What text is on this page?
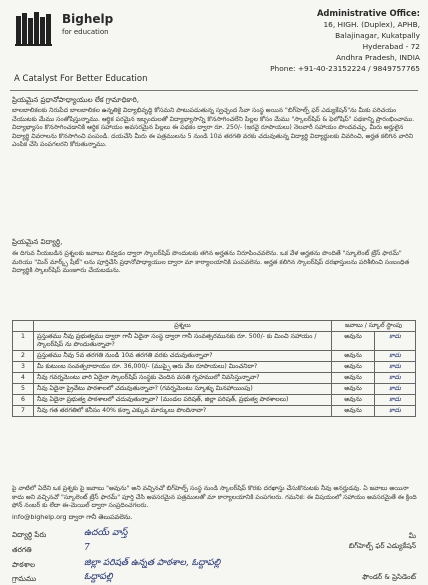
Bighelp
for education
A Catalyst For Better Education
Administrative Office:
16, HIGH. (Duplex), APHB,
Balajinagar, Kukatpally
Hyderabad - 72
Andhra Pradesh, INDIA
Phone: +91-40-23152224 / 9849757765
ప్రియమైన ప్రధానోపాధ్యాయుల లేక గ్రామాధికారి,
బాలబాలికలకు నిరుపేద బాలబాలికల ఉన్నతికై విద్యాభివృద్ధి కోసమని పాటుపడుతున్న స్వచ్ఛంద సేవా సంస్థ అయిన "బిగ్‌హెల్ప్ ఫర్ ఎడ్యుకేషన్"ను మీకు పరిచయం చేయుటకు మేము సంతోషిస్తున్నాము. ఆర్థిక పరమైన ఇబ్బందులతో విద్యాభ్యాసాన్ని కొనసాగించలేని పిల్లల కోసం మేము "స్కాలర్‌షిప్ & ఫెలోషిప్" పథకాన్ని ప్రారంభించాము. విద్యాభ్యాసం కొనసాగించడానికి ఆర్థిక సహాయం అవసరమైన పిల్లలు ఈ పథకం ద్వారా రూ. 250/- (ఇరవై రూపాయలు) నెలవారీ సహాయం పొందవచ్చు. మీరు అర్హులైన విద్యార్థి వివరాలను కొనసాగించి పంపండి. దయచేసి మీరు ఈ పత్రములను 5 నుండి 10వ తరగతి వరకు చదువుతున్న విద్యార్థి విద్యార్థులకు వివరించి, అర్హత కలిగిన వారిని ఎంపిక చేసి పంపగలరని కోరుతున్నాము.
ప్రియమైన విద్యార్థి,
ఈ దిగువ నీయబడిన ప్రశ్నలకు జవాబు లివ్వడం ద్వారా స్కాలర్‌షిప్ పొందుటకు తగిన అర్హతను నిరూపించవలెను. ఒక వేళ అర్హతను పొందితే "స్కూలెంట్ ట్రేస్ ఫారమ్" మరియు "మిన్ మార్క్స్ షీట్" లను పూర్తిచేసి ప్రధానోపాధ్యాయుల ద్వారా మా కార్యాలయానికి పంపవలెను. అర్హత కలిగిన స్కాలర్‌షిప్ దరఖాస్తులను పరిశీలించి సంబంధిత విద్యార్థికి స్కాలర్‌షిప్ మంజూరు చేయబడును.
	ప్రశ్నలు	జవాబు / స్కూల్ స్టాంపు	
1	ప్రస్తుతము నీవు ప్రభుత్వము ద్వారా గానీ ఏదైనా సంస్థ ద్వారా గానీ సంవత్సరమునకు రూ. 500/- కు మించి సహాయం / స్కాలర్‌షిప్ ను పొందుతున్నావా?	అవును	కాదు
2	ప్రస్తుతము నీవు 5వ తరగతి నుండి 10వ తరగతి వరకు చదువుతున్నావా?	అవును	కాదు
3	మీ కుటుంబ సంవత్సరాదాయం రూ. 36,000/- (ముప్పై ఆరు వేల రూపాయలు) మించనిదా?	అవును	కాదు
4	నీవు గవర్నమెంటు వారి ఏదైనా స్కాలర్‌షిప్ సంస్థకు చెందిన వసతి గృహములో నివసిస్తున్నావా?	అవును	కాదు
5	నీవు ఏదైనా ప్రైవేటు పాఠశాలలో చదువుతున్నావా? (గవర్నమెంటు స్కూళ్ళు మినహాయింపు)	అవును	కాదు
6	నీవు ఏదైనా ప్రభుత్వ పాఠశాలలో చదువుతున్నావా? (మండల పరిషత్, జిల్లా పరిషత్, ప్రభుత్వ పాఠశాలలు)	అవును	కాదు
7	నీవు గత తరగతిలో కనీసం 40% కన్నా ఎక్కువ మార్కులు పొందినావా?	అవును	కాదు
పై వాటిలో ఏదేని ఒక ప్రశ్నకు పై జవాబు "అవును" అని వచ్చినచో బిగ్‌హెల్ప్ సంస్థ నుండి స్కాలర్‌షిప్ కొరకు దరఖాస్తు చేసుకొనుటకు నీవు అనర్హుడవు. ఏ జవాబు అయినా కాదు అని వచ్చినచో "స్కూలెంట్ ట్రేస్ ఫారమ్" పూర్తి చేసి అవసరమైన పత్రములతో మా కార్యాలయానికి పంపగలరు. గమనిక: ఈ విషయంలో సహాయం అవసరమైతే ఈ క్రింది ఫోన్ నంబర్ కు లేదా ఈ-మెయిల్ ద్వారా సంప్రదించగలరు.
info@bighelp.org ద్వారా గానీ తెలుపవలెను.
విద్యార్థి పేరు	ఉదయ్ వాస్త్
తరగతి	7
పాఠశాల	జిల్లా పరిషత్ ఉన్నత పాఠశాల, ఓద్దాపల్లి
గ్రామము	ఓద్దాపల్లి
మీ
బిగ్‌హెల్ప్ ఫర్ ఎడ్యుకేషన్
ఫౌండర్ & ప్రెసిడెంట్
